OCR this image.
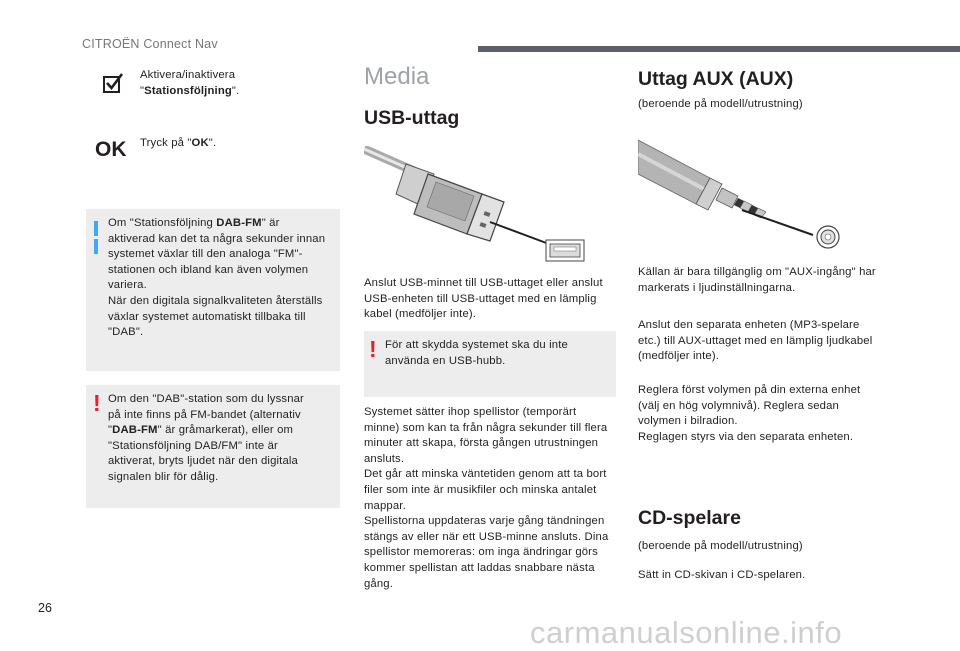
CITROËN Connect Nav

Aktivera/inaktivera

"Stationsföljning".

OK Tryck på "OK".

Om "Stationsföljning DAB-FM" är

aktiverad kan det ta några sekunder innan

systemet växlar till den analoga "FM"-

stationen och ibland kan även volymen

variera.

När den digitala signalkvaliteten återställs

växlar systemet automatiskt tillbaka till

"DAB".

! Om den "DAB"-station som du lyssnar

på inte finns på FM-bandet (alternativ

"DAB-FM" är gråmarkerat), eller om

"Stationsföljning DAB/FM" inte är

aktiverat, bryts ljudet när den digitala

signalen blir för dålig.

Media
USB-uttag

Anslut USB-minnet till USB-uttaget eller anslut

USB-enheten till USB-uttaget med en lämplig

kabel (medföljer inte).

! För att skydda systemet ska du inte

använda en USB-hubb.

Systemet sätter ihop spellistor (temporärt

minne) som kan ta från några sekunder till flera

minuter att skapa, första gången utrustningen

ansluts.

Det går att minska väntetiden genom att ta bort

filer som inte är musikfiler och minska antalet

mappar.

Spellistorna uppdateras varje gång tändningen

stängs av eller när ett USB-minne ansluts. Dina

spellistor memoreras: om inga ändringar görs

kommer spellistan att laddas snabbare nästa

gång.

Uttag AUX (AUX)
(beroende på modell/utrustning)

Källan är bara tillgänglig om "AUX-ingång" har

markerats i ljudinställningarna.

Anslut den separata enheten (MP3-spelare

etc.) till AUX-uttaget med en lämplig ljudkabel

(medföljer inte).

Reglera först volymen på din externa enhet

(välj en hög volymnivå). Reglera sedan

volymen i bilradion.

Reglagen styrs via den separata enheten.

CD-spelare
(beroende på modell/utrustning)
Sätt in CD-skivan i CD-spelaren.
26
carmanualsonline.info
